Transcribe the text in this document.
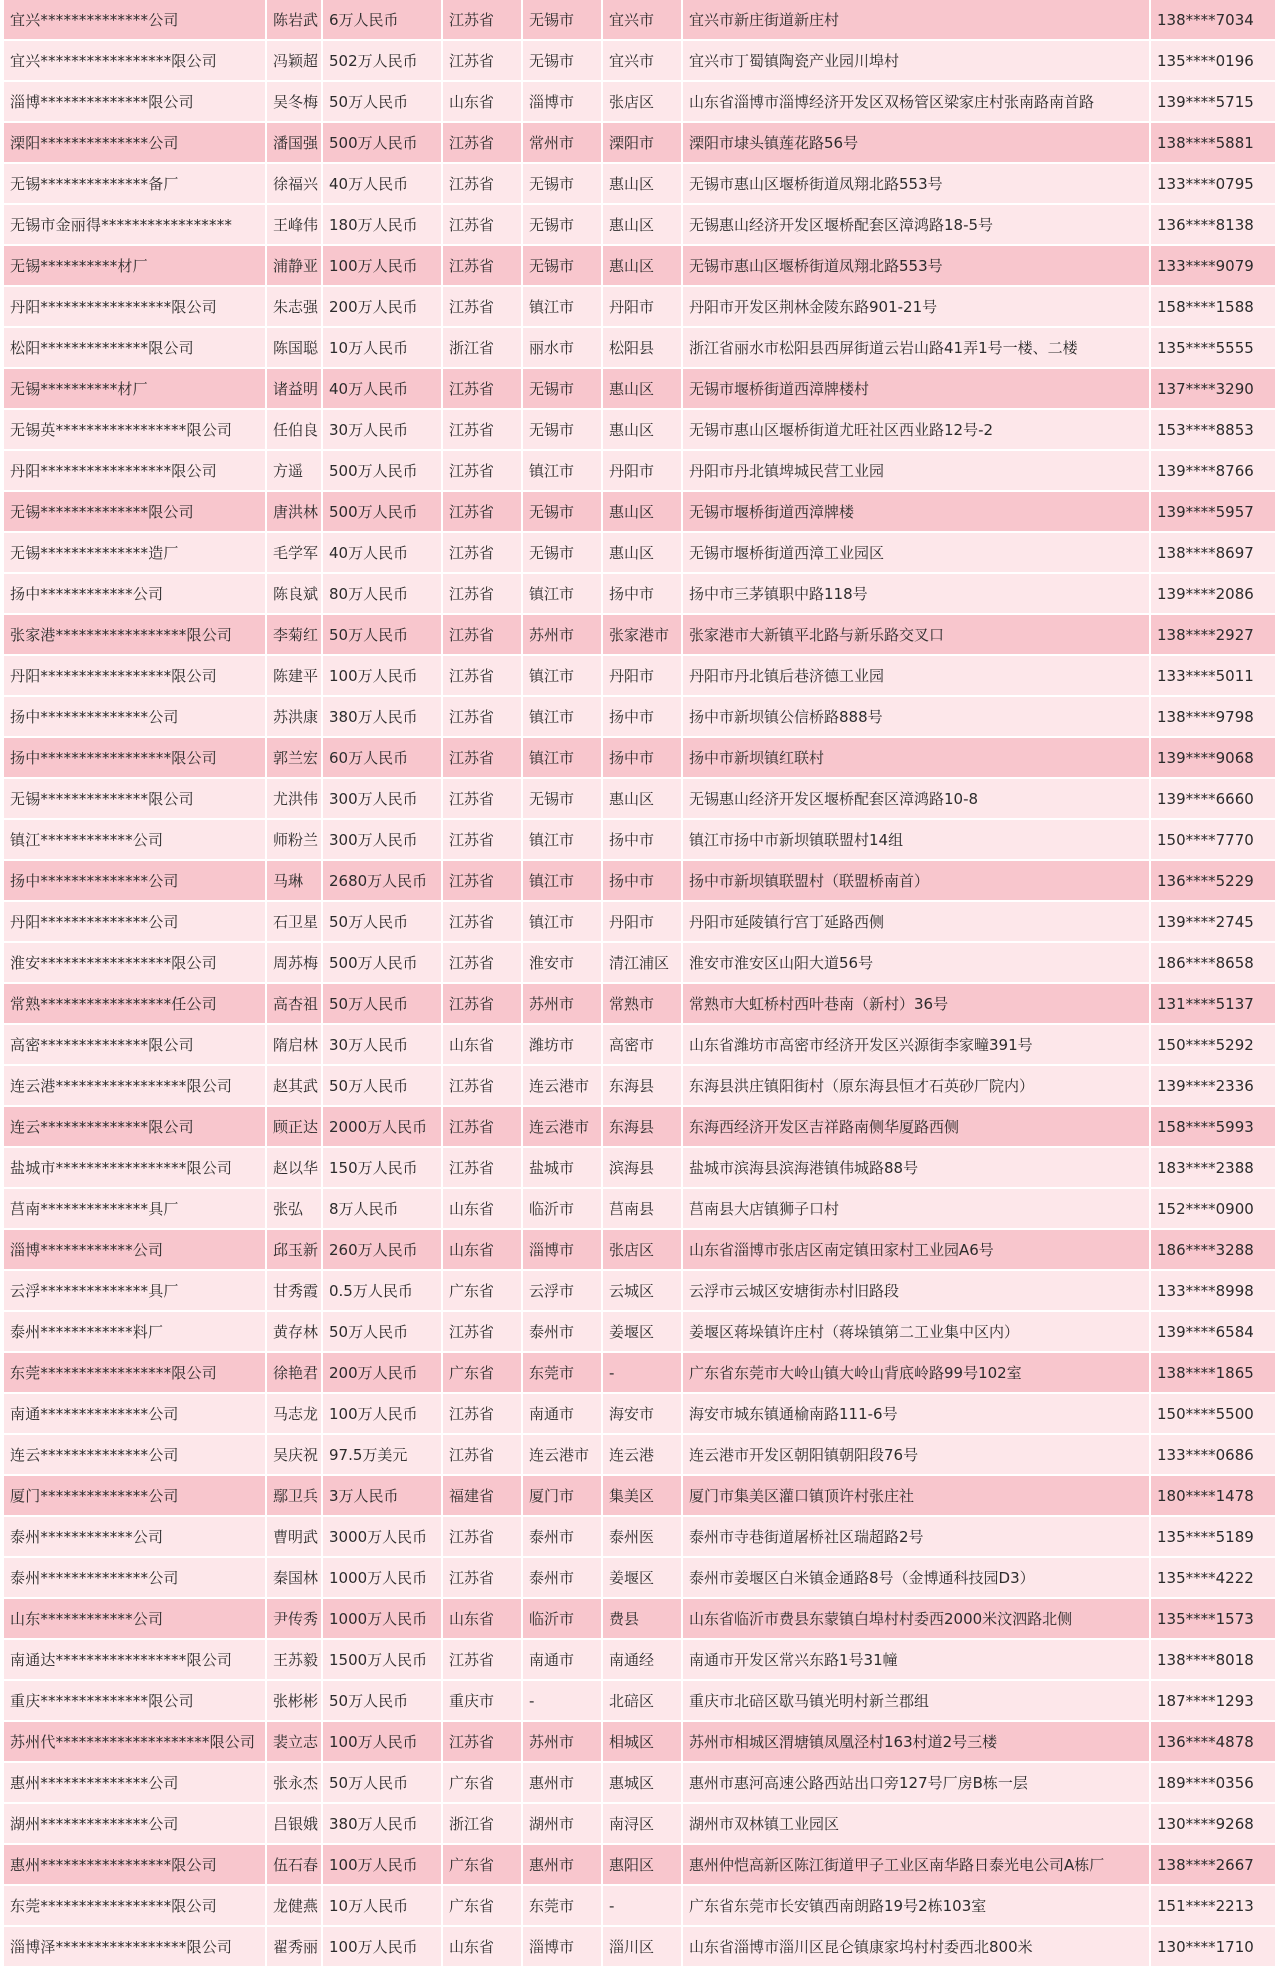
宜兴**************公司	陈岩武	6万人民币	江苏省	无锡市	宜兴市	宜兴市新庄街道新庄村	138****7034
宜兴*****************限公司	冯颖超	502万人民币	江苏省	无锡市	宜兴市	宜兴市丁蜀镇陶瓷产业园川埠村	135****0196
淄博**************限公司	吴冬梅	50万人民币	山东省	淄博市	张店区	山东省淄博市淄博经济开发区双杨管区梁家庄村张南路南首路	139****5715
溧阳**************公司	潘国强	500万人民币	江苏省	常州市	溧阳市	溧阳市埭头镇莲花路56号	138****5881
无锡**************备厂	徐福兴	40万人民币	江苏省	无锡市	惠山区	无锡市惠山区堰桥街道凤翔北路553号	133****0795
无锡市金丽得*****************	王峰伟	180万人民币	江苏省	无锡市	惠山区	无锡惠山经济开发区堰桥配套区漳鸿路18-5号	136****8138
无锡**********材厂	浦静亚	100万人民币	江苏省	无锡市	惠山区	无锡市惠山区堰桥街道凤翔北路553号	133****9079
丹阳*****************限公司	朱志强	200万人民币	江苏省	镇江市	丹阳市	丹阳市开发区荆林金陵东路901-21号	158****1588
松阳**************限公司	陈国聪	10万人民币	浙江省	丽水市	松阳县	浙江省丽水市松阳县西屏街道云岩山路41弄1号一楼、二楼	135****5555
无锡**********材厂	诸益明	40万人民币	江苏省	无锡市	惠山区	无锡市堰桥街道西漳牌楼村	137****3290
无锡英*****************限公司	任伯良	30万人民币	江苏省	无锡市	惠山区	无锡市惠山区堰桥街道尤旺社区西业路12号-2	153****8853
丹阳*****************限公司	方遥	500万人民币	江苏省	镇江市	丹阳市	丹阳市丹北镇埤城民营工业园	139****8766
无锡**************限公司	唐洪林	500万人民币	江苏省	无锡市	惠山区	无锡市堰桥街道西漳牌楼	139****5957
无锡**************造厂	毛学军	40万人民币	江苏省	无锡市	惠山区	无锡市堰桥街道西漳工业园区	138****8697
扬中************公司	陈良斌	80万人民币	江苏省	镇江市	扬中市	扬中市三茅镇职中路118号	139****2086
张家港*****************限公司	李菊红	50万人民币	江苏省	苏州市	张家港市	张家港市大新镇平北路与新乐路交叉口	138****2927
丹阳*****************限公司	陈建平	100万人民币	江苏省	镇江市	丹阳市	丹阳市丹北镇后巷济德工业园	133****5011
扬中**************公司	苏洪康	380万人民币	江苏省	镇江市	扬中市	扬中市新坝镇公信桥路888号	138****9798
扬中*****************限公司	郭兰宏	60万人民币	江苏省	镇江市	扬中市	扬中市新坝镇红联村	139****9068
无锡**************限公司	尤洪伟	300万人民币	江苏省	无锡市	惠山区	无锡惠山经济开发区堰桥配套区漳鸿路10-8	139****6660
镇江************公司	师粉兰	300万人民币	江苏省	镇江市	扬中市	镇江市扬中市新坝镇联盟村14组	150****7770
扬中**************公司	马琳	2680万人民币	江苏省	镇江市	扬中市	扬中市新坝镇联盟村（联盟桥南首）	136****5229
丹阳**************公司	石卫星	50万人民币	江苏省	镇江市	丹阳市	丹阳市延陵镇行宫丁延路西侧	139****2745
淮安*****************限公司	周苏梅	500万人民币	江苏省	淮安市	清江浦区	淮安市淮安区山阳大道56号	186****8658
常熟*****************任公司	高杏祖	50万人民币	江苏省	苏州市	常熟市	常熟市大虹桥村西叶巷南（新村）36号	131****5137
高密**************限公司	隋启林	30万人民币	山东省	潍坊市	高密市	山东省潍坊市高密市经济开发区兴源街李家疃391号	150****5292
连云港*****************限公司	赵其武	50万人民币	江苏省	连云港市	东海县	东海县洪庄镇阳街村（原东海县恒才石英砂厂院内）	139****2336
连云**************限公司	顾正达	2000万人民币	江苏省	连云港市	东海县	东海西经济开发区吉祥路南侧华厦路西侧	158****5993
盐城市*****************限公司	赵以华	150万人民币	江苏省	盐城市	滨海县	盐城市滨海县滨海港镇伟城路88号	183****2388
莒南**************具厂	张弘	8万人民币	山东省	临沂市	莒南县	莒南县大店镇狮子口村	152****0900
淄博************公司	邱玉新	260万人民币	山东省	淄博市	张店区	山东省淄博市张店区南定镇田家村工业园A6号	186****3288
云浮**************具厂	甘秀霞	0.5万人民币	广东省	云浮市	云城区	云浮市云城区安塘街赤村旧路段	133****8998
泰州************料厂	黄存林	50万人民币	江苏省	泰州市	姜堰区	姜堰区蒋垛镇许庄村（蒋垛镇第二工业集中区内）	139****6584
东莞*****************限公司	徐艳君	200万人民币	广东省	东莞市	-	广东省东莞市大岭山镇大岭山背底岭路99号102室	138****1865
南通**************公司	马志龙	100万人民币	江苏省	南通市	海安市	海安市城东镇通榆南路111-6号	150****5500
连云**************公司	吴庆祝	97.5万美元	江苏省	连云港市	连云港	连云港市开发区朝阳镇朝阳段76号	133****0686
厦门**************公司	鄢卫兵	3万人民币	福建省	厦门市	集美区	厦门市集美区灌口镇顶许村张庄社	180****1478
泰州************公司	曹明武	3000万人民币	江苏省	泰州市	泰州医	泰州市寺巷街道屠桥社区瑞超路2号	135****5189
泰州**************公司	秦国林	1000万人民币	江苏省	泰州市	姜堰区	泰州市姜堰区白米镇金通路8号（金博通科技园D3）	135****4222
山东************公司	尹传秀	1000万人民币	山东省	临沂市	费县	山东省临沂市费县东蒙镇白埠村村委西2000米汶泗路北侧	135****1573
南通达*****************限公司	王苏毅	1500万人民币	江苏省	南通市	南通经	南通市开发区常兴东路1号31幢	138****8018
重庆**************限公司	张彬彬	50万人民币	重庆市	-	北碚区	重庆市北碚区歇马镇光明村新兰郡组	187****1293
苏州代********************限公司	裴立志	100万人民币	江苏省	苏州市	相城区	苏州市相城区渭塘镇凤凰泾村163村道2号三楼	136****4878
惠州**************公司	张永杰	50万人民币	广东省	惠州市	惠城区	惠州市惠河高速公路西站出口旁127号厂房B栋一层	189****0356
湖州**************公司	吕银娥	380万人民币	浙江省	湖州市	南浔区	湖州市双林镇工业园区	130****9268
惠州*****************限公司	伍石春	100万人民币	广东省	惠州市	惠阳区	惠州仲恺高新区陈江街道甲子工业区南华路日泰光电公司A栋厂	138****2667
东莞*****************限公司	龙健燕	10万人民币	广东省	东莞市	-	广东省东莞市长安镇西南朗路19号2栋103室	151****2213
淄博泽*****************限公司	翟秀丽	100万人民币	山东省	淄博市	淄川区	山东省淄博市淄川区昆仑镇康家坞村村委西北800米	130****1710
